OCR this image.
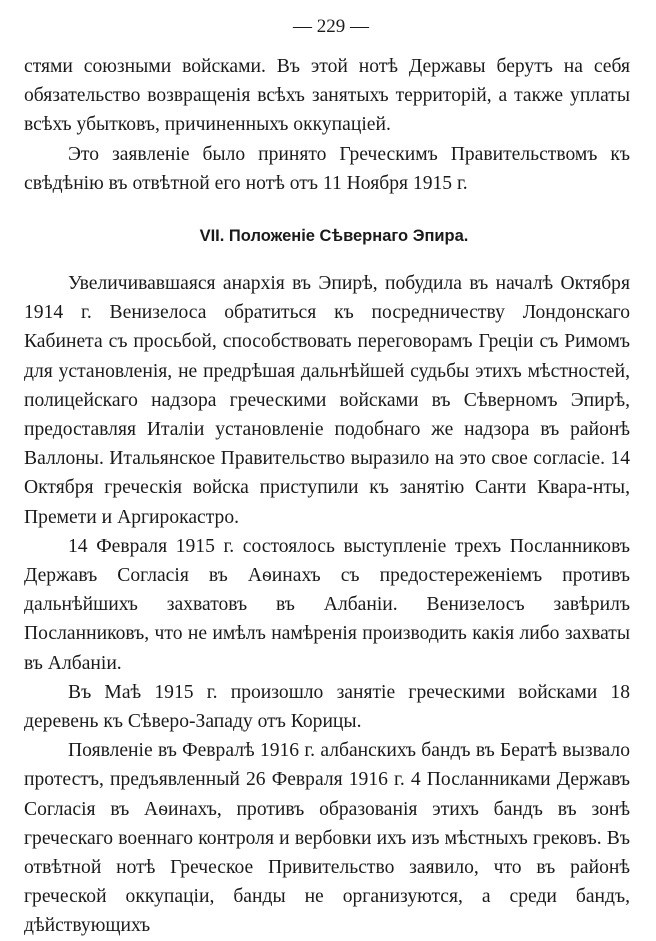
— 229 —

стями союзными войсками. Въ этой нотѣ Державы берутъ на себя обязательство возвращенія всѣхъ занятыхъ территорій, а также уплаты всѣхъ убытковъ, причиненныхъ оккупаціей.

Это заявленіе было принято Греческимъ Правительствомъ къ свѣдѣнію въ отвѣтной его нотѣ отъ 11 Ноября 1915 г.

VII. Положеніе Сѣвернаго Эпира.

Увеличивавшаяся анархія въ Эпирѣ, побудила въ началѣ Октября 1914 г. Венизелоса обратиться къ посредничеству Лондонскаго Кабинета съ просьбой, способствовать переговорамъ Греціи съ Римомъ для установленія, не предрѣшая дальнѣйшей судьбы этихъ мѣстностей, полицейскаго надзора греческими войсками въ Сѣверномъ Эпирѣ, предоставляя Италіи установленіе подобнаго же надзора въ районѣ Валлоны. Итальянское Правительство выразило на это свое согласіе. 14 Октября греческія войска приступили къ занятію Санти Квара-нты, Премети и Аргирокастро.

14 Февраля 1915 г. состоялось выступленіе трехъ Посланниковъ Державъ Согласія въ Аѳинахъ съ предостереженіемъ противъ дальнѣйшихъ захватовъ въ Албаніи. Венизелосъ завѣрилъ Посланниковъ, что не имѣлъ намѣренія производить какія либо захваты въ Албаніи.

Въ Маѣ 1915 г. произошло занятіе греческими войсками 18 деревень къ Сѣверо-Западу отъ Корицы.

Появленіе въ Февралѣ 1916 г. албанскихъ бандъ въ Бератѣ вызвало протестъ, предъявленный 26 Февраля 1916 г. 4 Посланниками Державъ Согласія въ Аѳинахъ, противъ образованія этихъ бандъ въ зонѣ греческаго военнаго контроля и вербовки ихъ изъ мѣстныхъ грековъ. Въ отвѣтной нотѣ Греческое Привительство заявило, что въ районѣ греческой оккупаціи, банды не организуются, а среди бандъ, дѣйствующихъ
